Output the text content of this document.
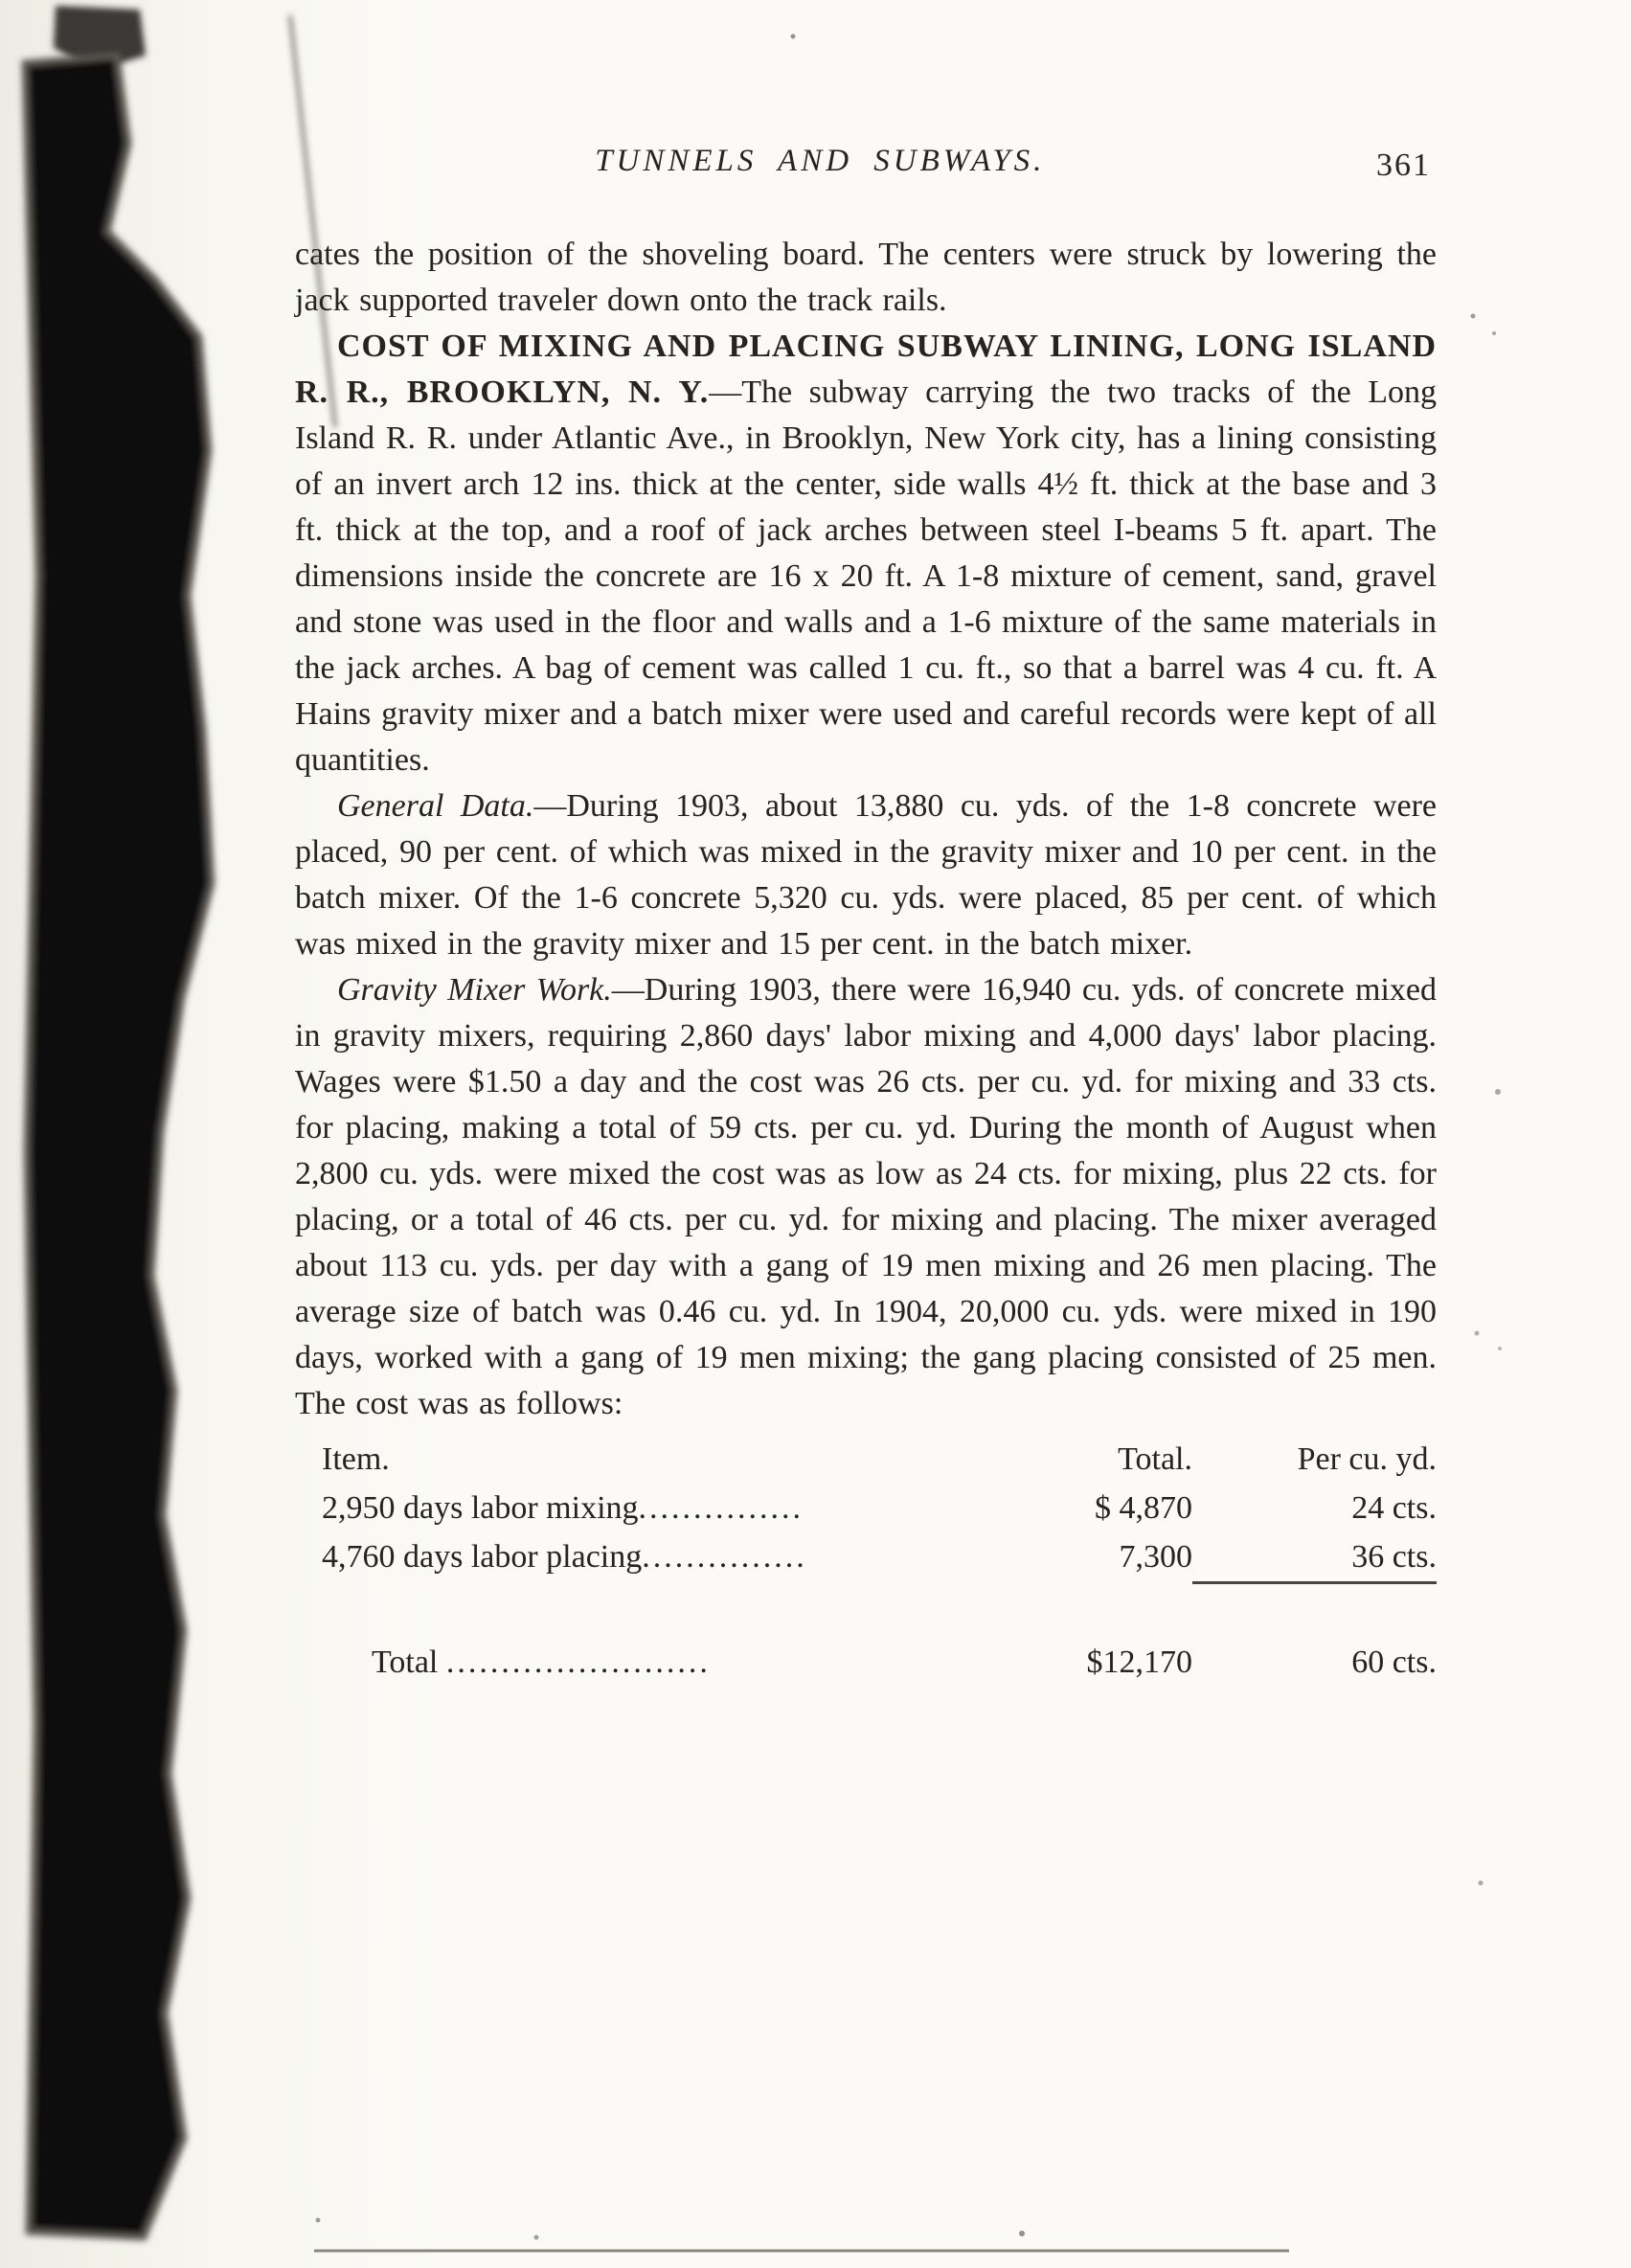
TUNNELS AND SUBWAYS.	361

cates the position of the shoveling board. The centers were struck by lowering the jack supported traveler down onto the track rails.

COST OF MIXING AND PLACING SUBWAY LINING, LONG ISLAND R. R., BROOKLYN, N. Y.—The subway carrying the two tracks of the Long Island R. R. under Atlantic Ave., in Brooklyn, New York city, has a lining consisting of an invert arch 12 ins. thick at the center, side walls 4½ ft. thick at the base and 3 ft. thick at the top, and a roof of jack arches between steel I-beams 5 ft. apart. The dimensions inside the concrete are 16 x 20 ft. A 1-8 mixture of cement, sand, gravel and stone was used in the floor and walls and a 1-6 mixture of the same materials in the jack arches. A bag of cement was called 1 cu. ft., so that a barrel was 4 cu. ft. A Hains gravity mixer and a batch mixer were used and careful records were kept of all quantities.

General Data.—During 1903, about 13,880 cu. yds. of the 1-8 concrete were placed, 90 per cent. of which was mixed in the gravity mixer and 10 per cent. in the batch mixer. Of the 1-6 concrete 5,320 cu. yds. were placed, 85 per cent. of which was mixed in the gravity mixer and 15 per cent. in the batch mixer.

Gravity Mixer Work.—During 1903, there were 16,940 cu. yds. of concrete mixed in gravity mixers, requiring 2,860 days' labor mixing and 4,000 days' labor placing. Wages were $1.50 a day and the cost was 26 cts. per cu. yd. for mixing and 33 cts. for placing, making a total of 59 cts. per cu. yd. During the month of August when 2,800 cu. yds. were mixed the cost was as low as 24 cts. for mixing, plus 22 cts. for placing, or a total of 46 cts. per cu. yd. for mixing and placing. The mixer averaged about 113 cu. yds. per day with a gang of 19 men mixing and 26 men placing. The average size of batch was 0.46 cu. yd. In 1904, 20,000 cu. yds. were mixed in 190 days, worked with a gang of 19 men mixing; the gang placing consisted of 25 men. The cost was as follows:

Item.	Total.	Per cu. yd.
2,950 days labor mixing...............	$ 4,870	24 cts.
4,760 days labor placing...............	7,300	36 cts.
Total ........................	$12,170	60 cts.
